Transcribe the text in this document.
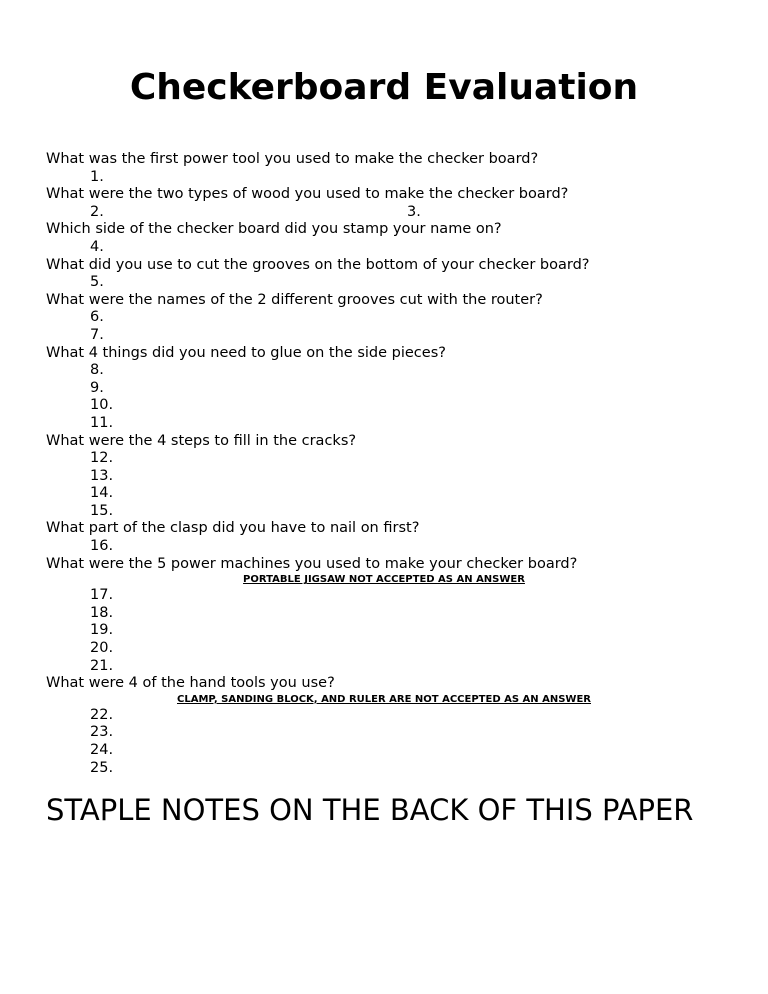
Checkerboard Evaluation
What was the first power tool you used to make the checker board?
1.
What were the two types of wood you used to make the checker board?
2.	3.
Which side of the checker board did you stamp your name on?
4.
What did you use to cut the grooves on the bottom of your checker board?
5.
What were the names of the 2 different grooves cut with the router?
6.
7.
What 4 things did you need to glue on the side pieces?
8.
9.
10.
11.
What were the 4 steps to fill in the cracks?
12.
13.
14.
15.
What part of the clasp did you have to nail on first?
16.
What were the 5 power machines you used to make your checker board?
PORTABLE JIGSAW NOT ACCEPTED AS AN ANSWER
17.
18.
19.
20.
21.
What were 4 of the hand tools you use?
CLAMP, SANDING BLOCK, AND RULER ARE NOT ACCEPTED AS AN ANSWER
22.
23.
24.
25.
STAPLE NOTES ON THE BACK OF THIS PAPER
